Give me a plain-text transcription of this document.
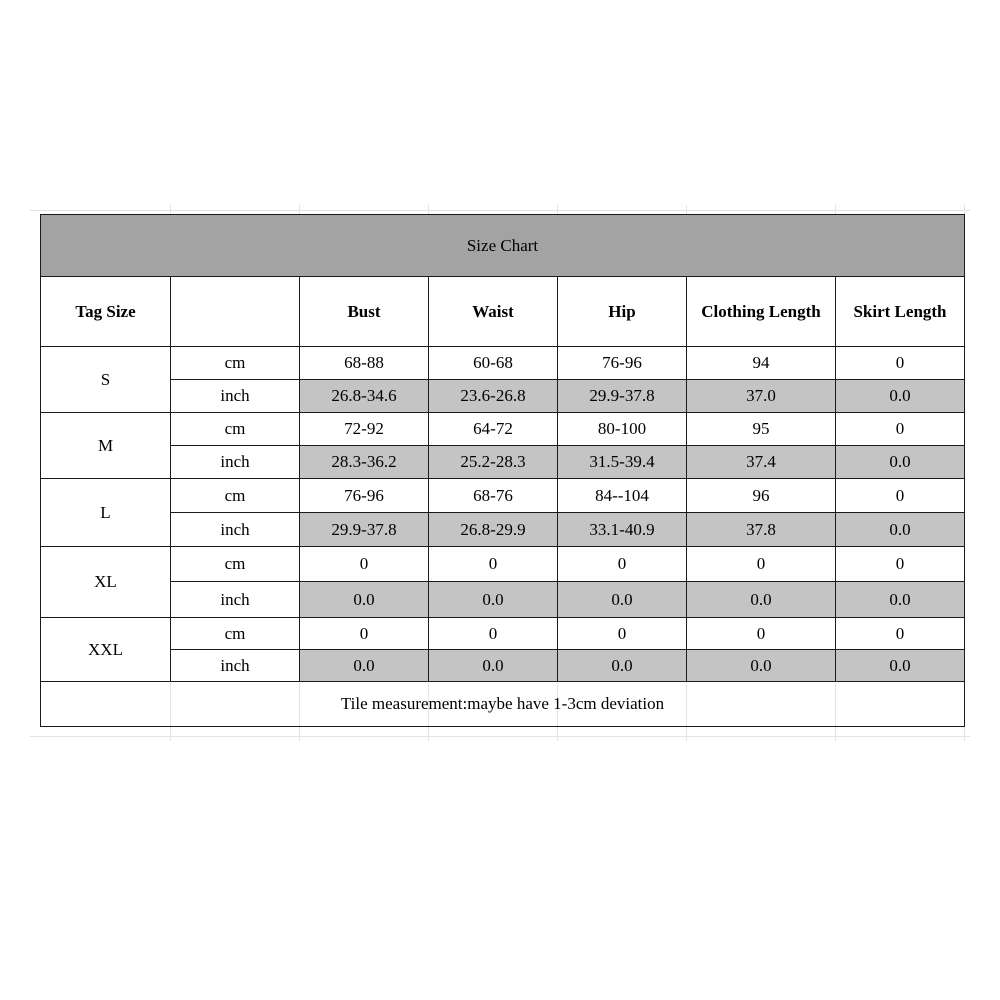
Size Chart						
Tag Size		Bust	Waist	Hip	Clothing Length	Skirt Length
S	cm	68-88	60-68	76-96	94	0
	inch	26.8-34.6	23.6-26.8	29.9-37.8	37.0	0.0
M	cm	72-92	64-72	80-100	95	0
	inch	28.3-36.2	25.2-28.3	31.5-39.4	37.4	0.0
L	cm	76-96	68-76	84--104	96	0
	inch	29.9-37.8	26.8-29.9	33.1-40.9	37.8	0.0
XL	cm	0	0	0	0	0
	inch	0.0	0.0	0.0	0.0	0.0
XXL	cm	0	0	0	0	0
	inch	0.0	0.0	0.0	0.0	0.0
Tile measurement:maybe have 1-3cm deviation						
